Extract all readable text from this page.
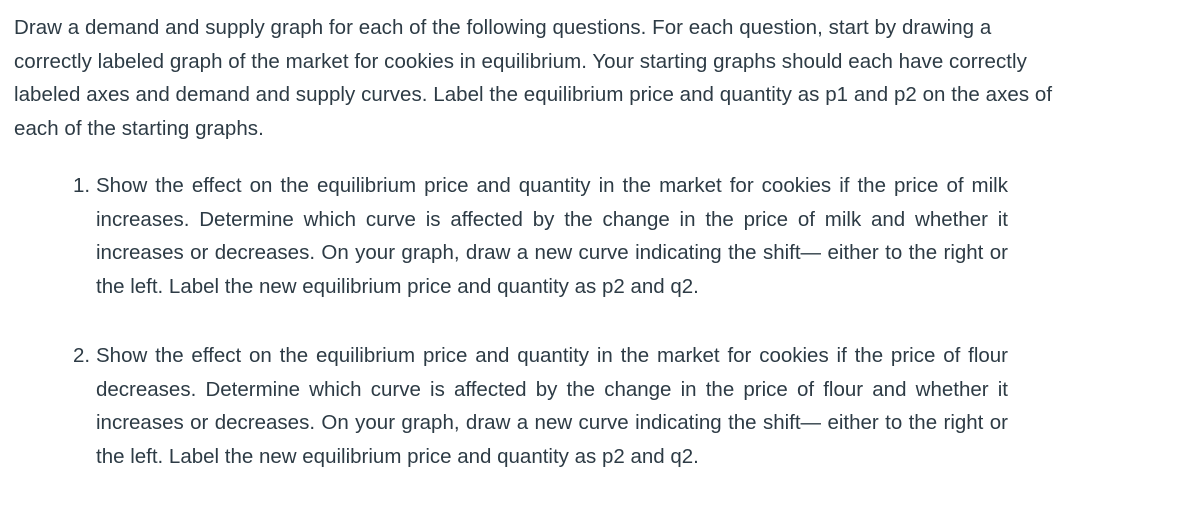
Draw a demand and supply graph for each of the following questions. For each question, start by drawing a correctly labeled graph of the market for cookies in equilibrium. Your starting graphs should each have correctly labeled axes and demand and supply curves. Label the equilibrium price and quantity as p1 and p2 on the axes of each of the starting graphs.

1. Show the effect on the equilibrium price and quantity in the market for cookies if the price of milk increases. Determine which curve is affected by the change in the price of milk and whether it increases or decreases. On your graph, draw a new curve indicating the shift— either to the right or the left. Label the new equilibrium price and quantity as p2 and q2.
2. Show the effect on the equilibrium price and quantity in the market for cookies if the price of flour decreases. Determine which curve is affected by the change in the price of flour and whether it increases or decreases. On your graph, draw a new curve indicating the shift— either to the right or the left. Label the new equilibrium price and quantity as p2 and q2.
